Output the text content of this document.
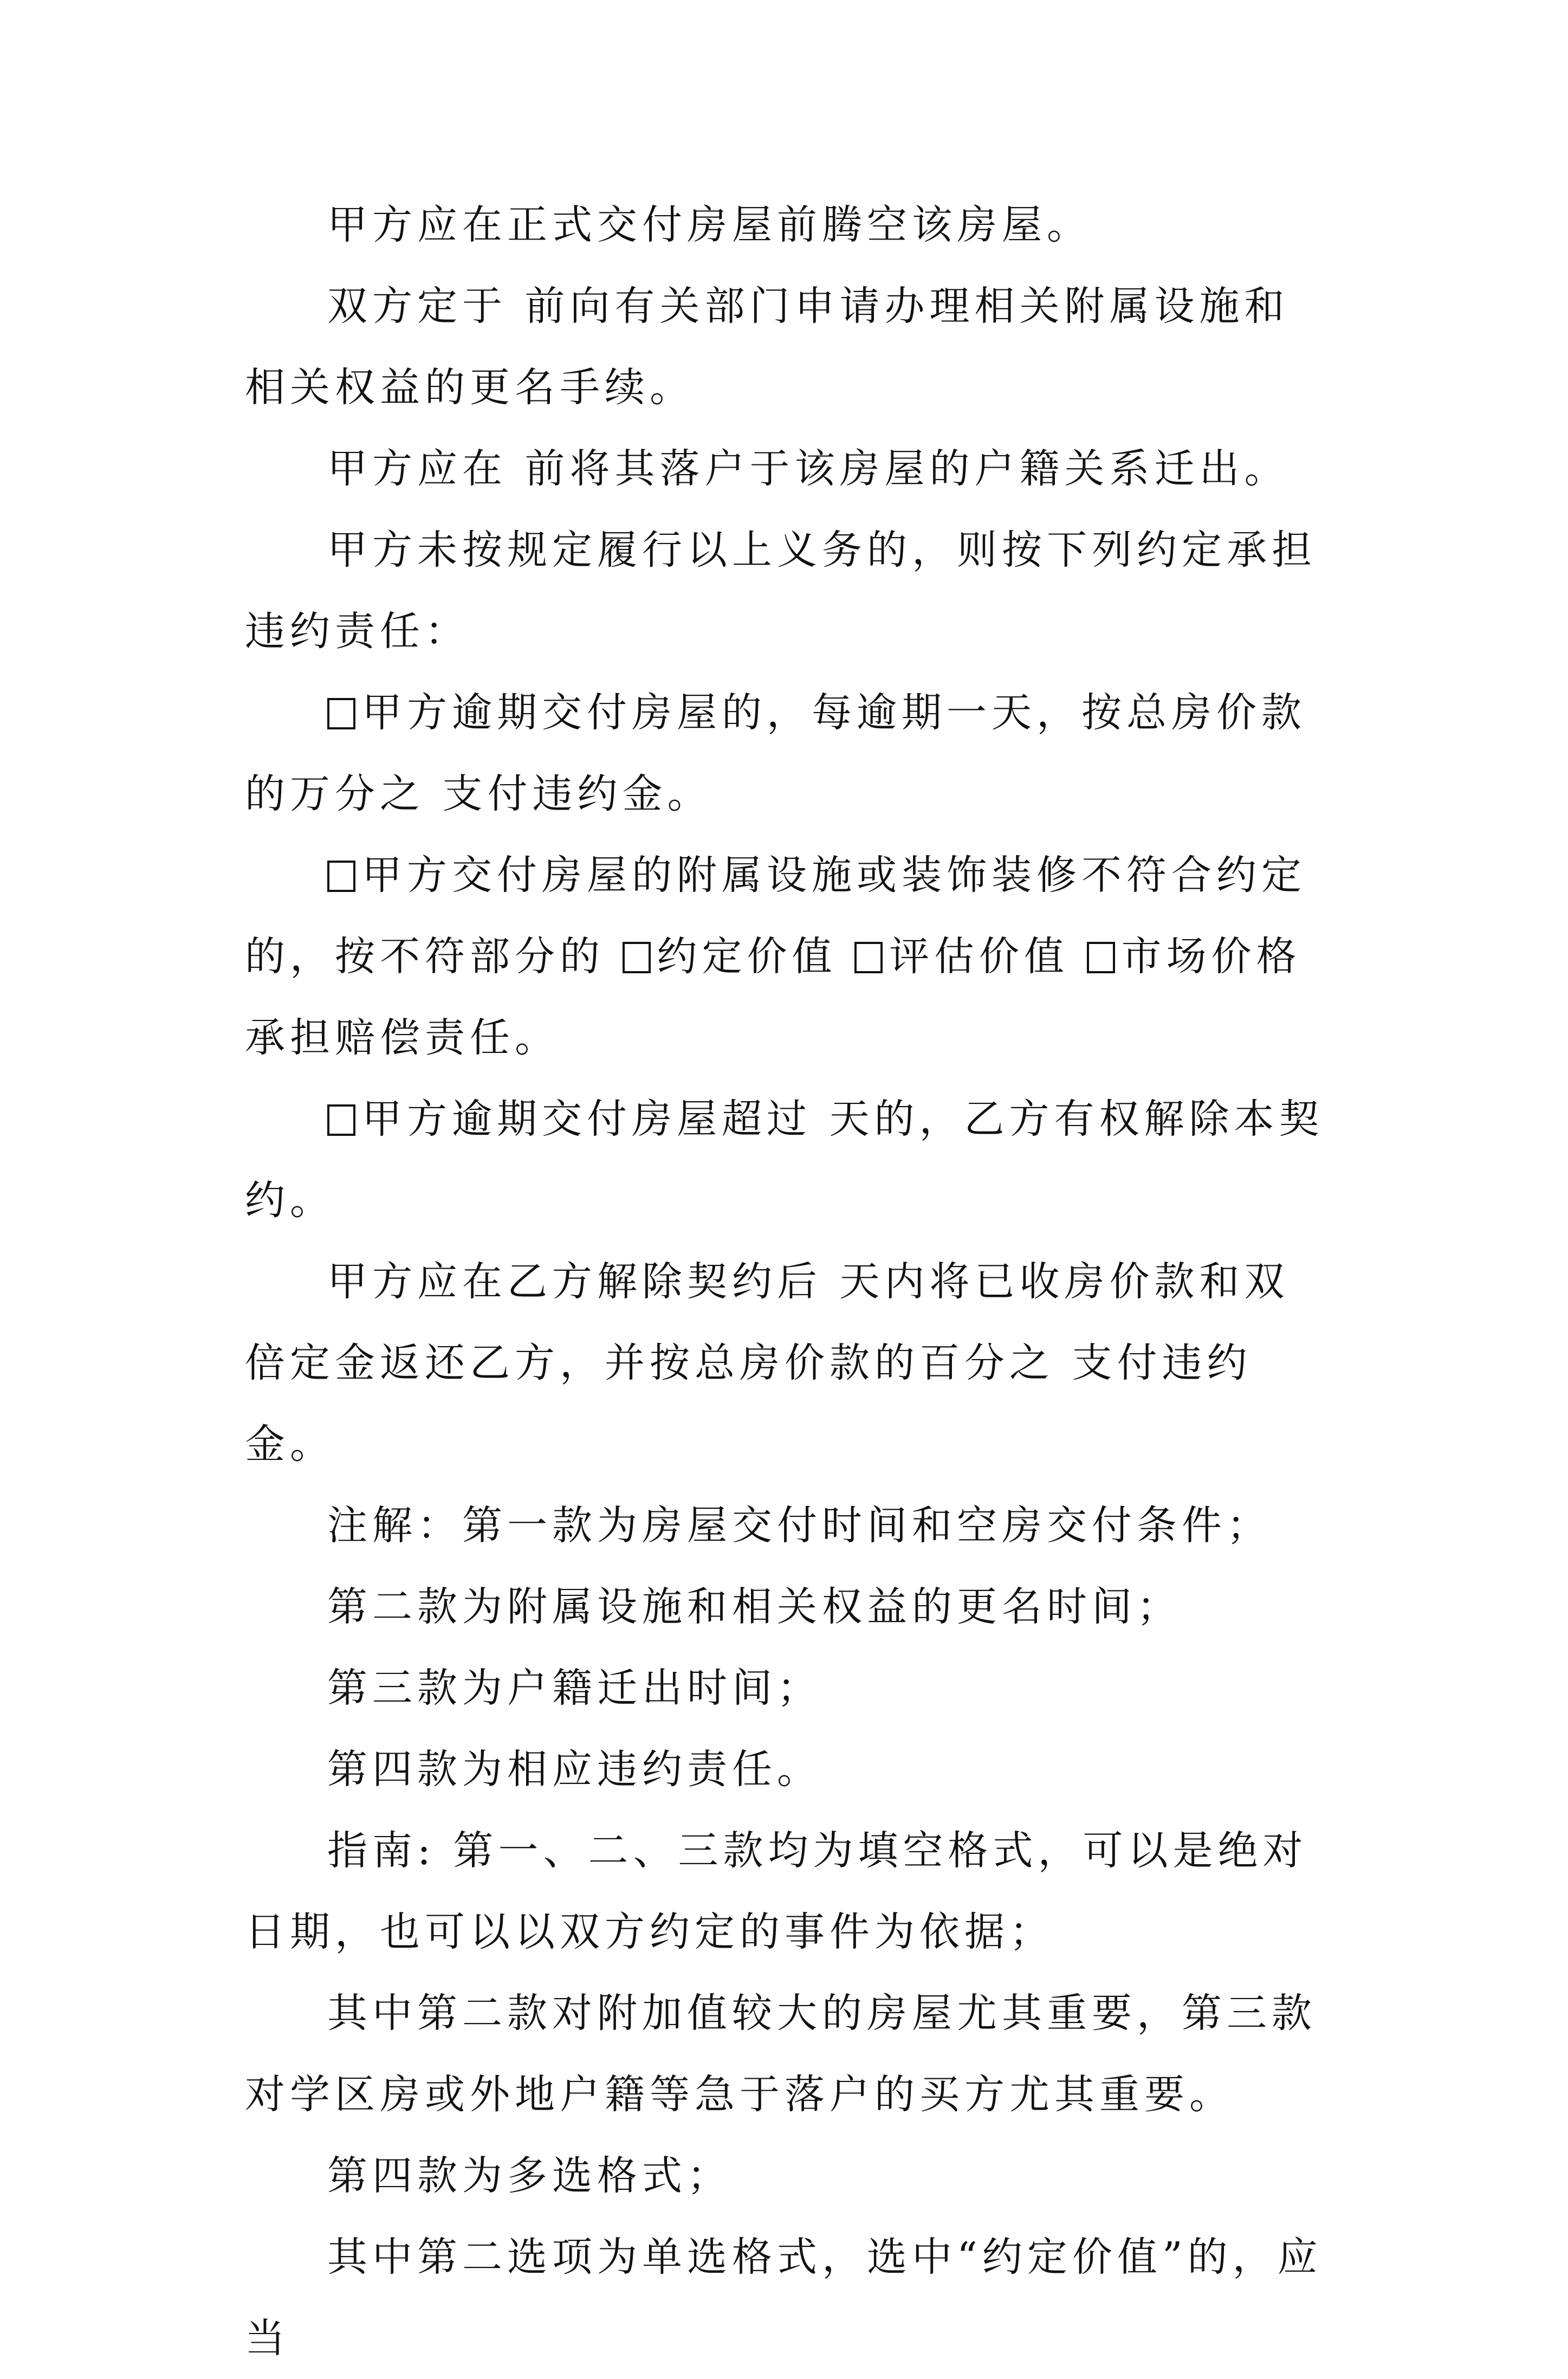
甲方应在正式交付房屋前腾空该房屋。

双方定于 前向有关部门申请办理相关附属设施和相关权益的更名手续。

甲方应在 前将其落户于该房屋的户籍关系迁出。

甲方未按规定履行以上义务的，则按下列约定承担违约责任：

甲方逾期交付房屋的，每逾期一天，按总房价款的万分之 支付违约金。

甲方交付房屋的附属设施或装饰装修不符合约定的，按不符部分的 约定价值 评估价值 市场价格 承担赔偿责任。

甲方逾期交付房屋超过 天的，乙方有权解除本契约。

甲方应在乙方解除契约后 天内将已收房价款和双倍定金返还乙方，并按总房价款的百分之 支付违约金。

注解：第一款为房屋交付时间和空房交付条件；

第二款为附属设施和相关权益的更名时间；

第三款为户籍迁出时间；

第四款为相应违约责任。

指南: 第一、二、三款均为填空格式，可以是绝对日期，也可以以双方约定的事件为依据；

其中第二款对附加值较大的房屋尤其重要，第三款对学区房或外地户籍等急于落户的买方尤其重要。

第四款为多选格式；

其中第二选项为单选格式，选中“约定价值”的，应当
